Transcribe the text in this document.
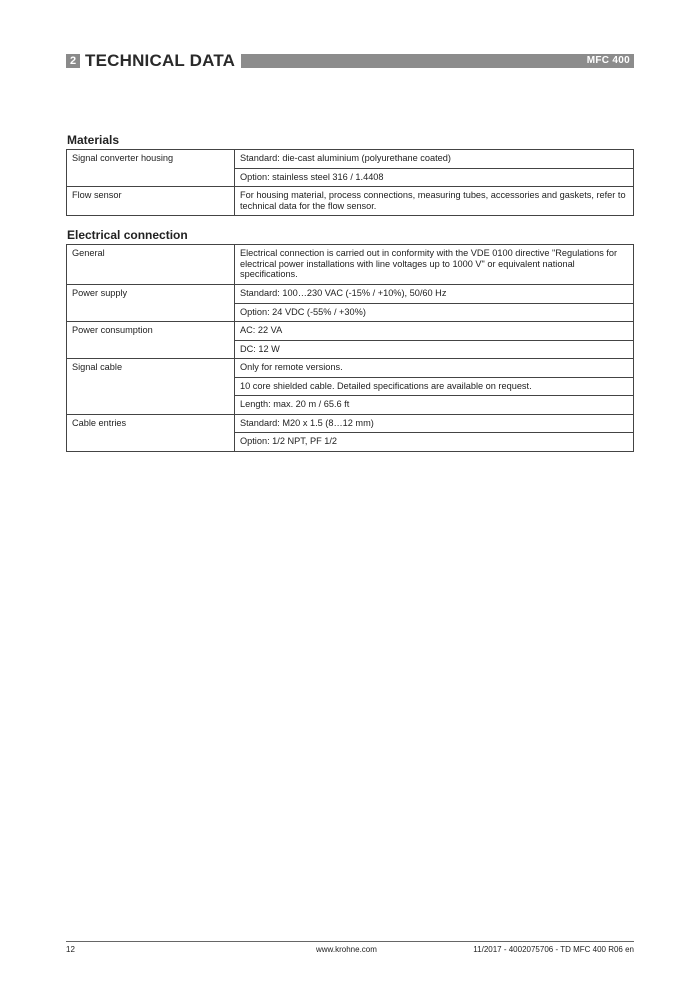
2 TECHNICAL DATA	MFC 400
Materials
Signal converter housing	Standard: die-cast aluminium (polyurethane coated)
	Option: stainless steel 316 / 1.4408
Flow sensor	For housing material, process connections, measuring tubes, accessories and gaskets, refer to technical data for the flow sensor.
Electrical connection
General	Electrical connection is carried out in conformity with the VDE 0100 directive "Regulations for electrical power installations with line voltages up to 1000 V" or equivalent national specifications.
Power supply	Standard: 100…230 VAC (-15% / +10%), 50/60 Hz
	Option: 24 VDC (-55% / +30%)
Power consumption	AC: 22 VA
	DC: 12 W
Signal cable	Only for remote versions.
	10 core shielded cable. Detailed specifications are available on request.
	Length: max. 20 m / 65.6 ft
Cable entries	Standard: M20 x 1.5 (8…12 mm)
	Option: 1/2 NPT, PF 1/2
12	www.krohne.com	11/2017 - 4002075706 - TD MFC 400 R06 en
